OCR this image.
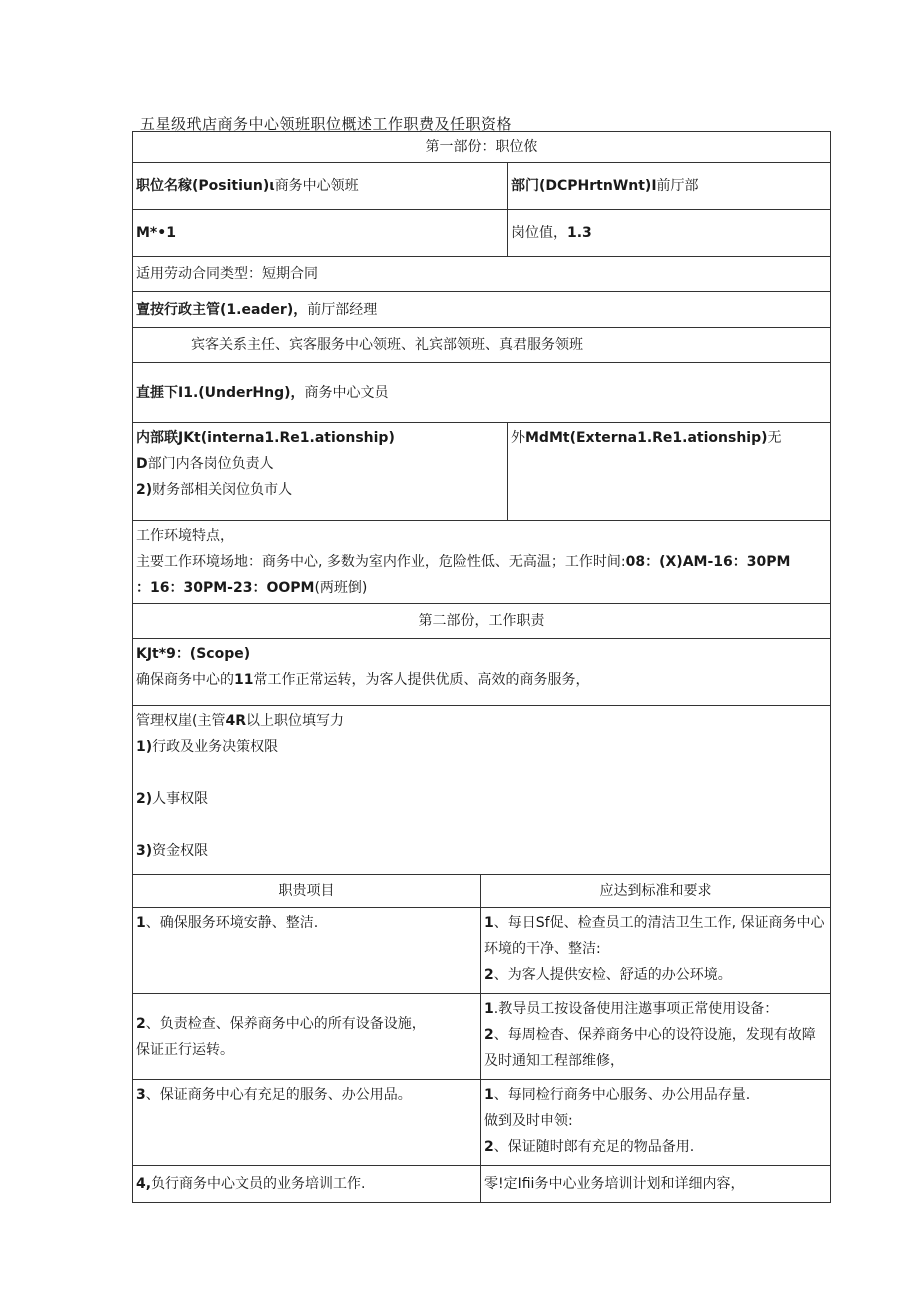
五星级玳店商务中心领班职位概述工作职费及任职资格
第一部份：职位侬		
职位名稼(Positiun)ι商务中心领班		部门(DCPHrtnWnt)I前厅部
M*•1		岗位值，1.3
适用劳动合同类型：短期合同		
亶按行政主管(1.eader)，前厅部经理		
宾客关系主任、宾客服务中心领班、礼宾部领班、真君服务领班		
直捱下I1.(UnderHng)，商务中心文员		

内部联JKt(interna1.Re1.ationship)
D部门内各岗位负责人
2)财务部相关闵位负市人		外MdMt(Externa1.Re1.ationship)无

工作环境特点，
主要工作环境场地：商务中心, 多数为室内作业，危险性低、无高温；工作时间:08：(X)AM-16：30PM
：16：30PM-23：OOPM(两班倒)		

第二部份，工作职责		

KJt*9：(Scope)
确保商务中心的11常工作正常运转，为客人提供优质、高效的商务服务，		

管理权崖(主管4R以上职位填写力
1)行政及业务决策权限
2)人事权限
3)资金权限		

职贵项目	应达到标准和要求	

1、确保服务环境安静、整洁.	1、每日Sf促、检查员工的清洁卫生工作, 保证商务中心
环境的干净、整洁:
2、为客人提供安检、舒适的办公环境。	

2、负责检查、保养商务中心的所有设备设施，
保证正行运转。	1.教导员工按设备使用注遨事项正常使用设备：
2、每周检杳、保养商务中心的设符设施，发现有故障
及时通知工程部维修，	

3、保证商务中心有充足的服务、办公用品。	1、每同检行商务中心服务、办公用品存量.
做到及时申领:
2、保证随时郎有充足的物品备用.	

4,负行商务中心文员的业务培训工作.	零!定Ifii务中心业务培训计划和详细内容，	
